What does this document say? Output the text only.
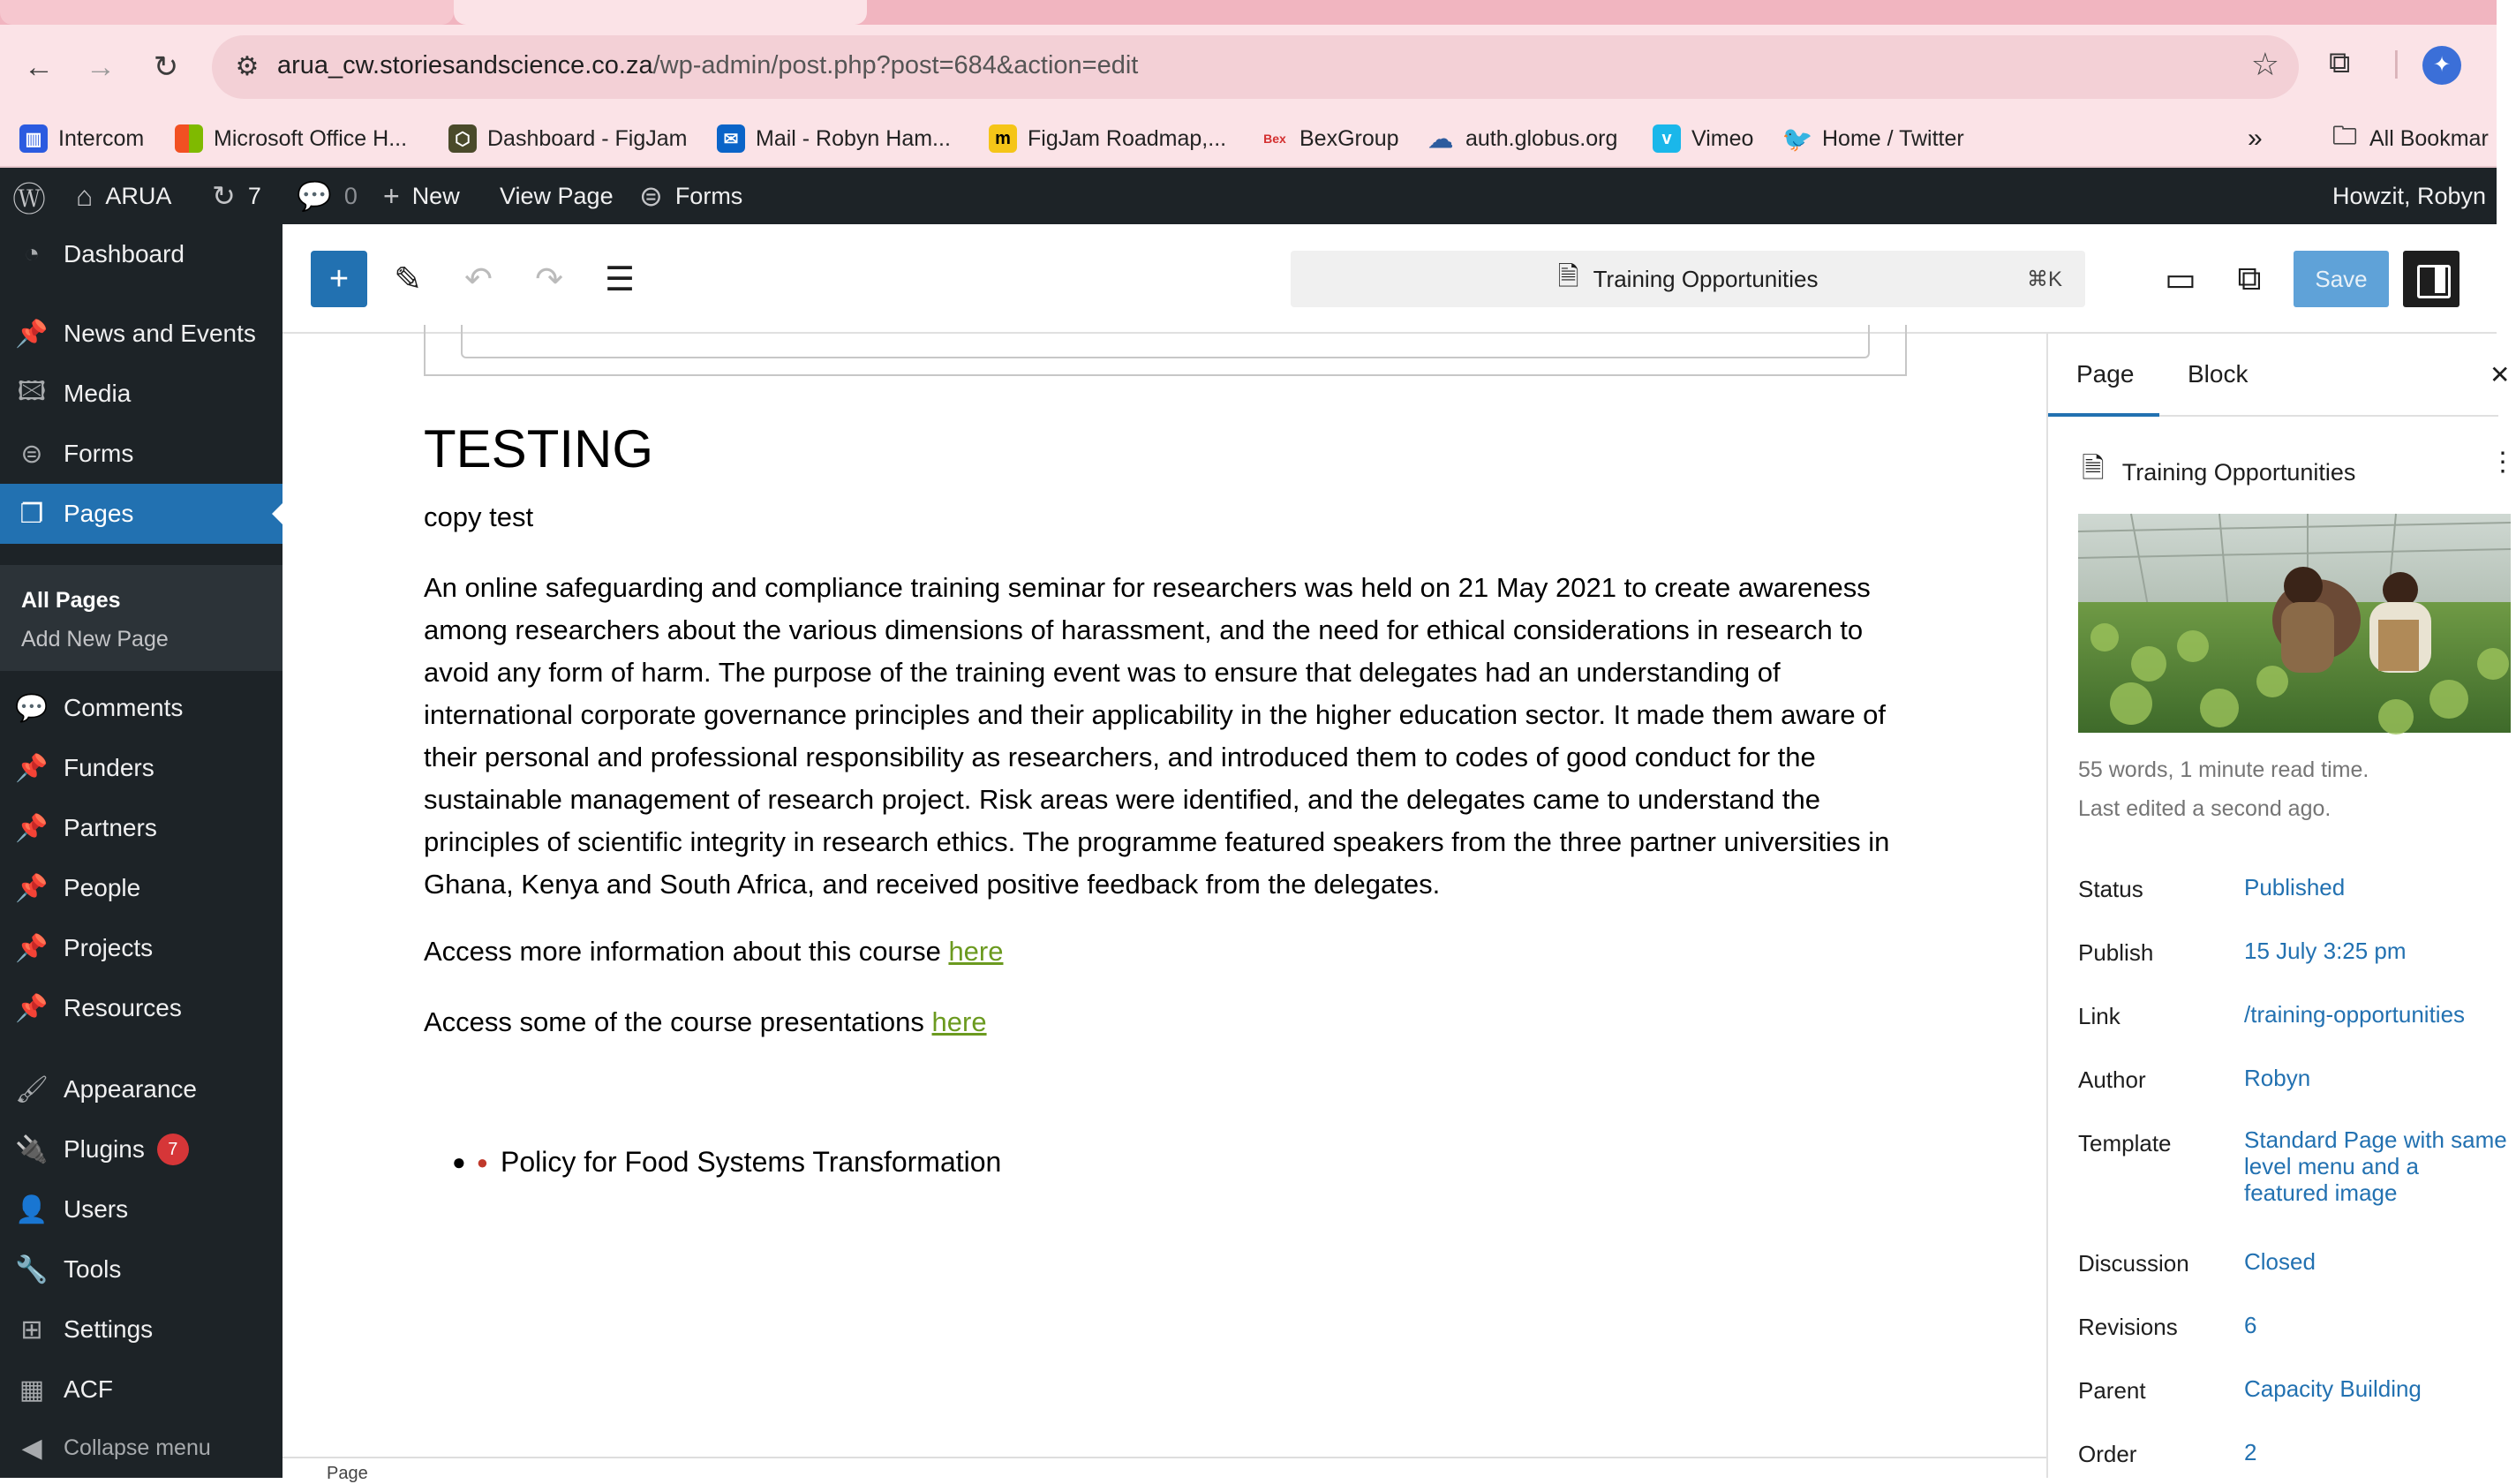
←	→	↻	⚙ arua_cw.storiesandscience.co.za/wp-admin/post.php?post=684&action=edit	☆ ⧉ |	✦
▥ Intercom	Microsoft Office H...	⬡ Dashboard - FigJam	✉ Mail - Robyn Ham...	m FigJam Roadmap,...	Bex BexGroup ☁ auth.globus.org	v Vimeo 🐦 Home / Twitter	»	🗀 All Bookmar
Ⓦ ⌂ ARUA ↻ 7 💬 0 + New View Page ⊜ Forms	Howzit, Robyn
◔ Dashboard
📌 News and Events
🖾 Media
⊜ Forms
❐ Pages
All Pages
Add New Page
💬 Comments
📌 Funders
📌 Partners
📌 People
📌 Projects
📌 Resources
🖌 Appearance
🔌 Plugins	7
👤 Users
🔧 Tools
⊞ Settings
▦ ACF
◀ Collapse menu
+	✎	↶	↷	☰	🗎 Training Opportunities	⌘K	▭	⧉	Save
TESTING
copy test
An online safeguarding and compliance training seminar for researchers was held on 21 May 2021 to create awareness among researchers about the various dimensions of harassment, and the need for ethical considerations in research to avoid any form of harm. The purpose of the training event was to ensure that delegates had an understanding of international corporate governance principles and their applicability in the higher education sector. It made them aware of their personal and professional responsibility as researchers, and introduced them to codes of good conduct for the sustainable management of research project. Risk areas were identified, and the delegates came to understand the principles of scientific integrity in research ethics. The programme featured speakers from the three partner universities in Ghana, Kenya and South Africa, and received positive feedback from the delegates.
Access more information about this course here
Access some of the course presentations here
● ● Policy for Food Systems Transformation
Page
Page Block	✕
🗎 Training Opportunities	⋮
55 words, 1 minute read time.
Last edited a second ago.
Status	Published
Publish	15 July 3:25 pm
Link	/training-opportunities
Author	Robyn
Template	Standard Page with same level menu and a featured image
Discussion Closed
Revisions	6
Parent	Capacity Building
Order	2
